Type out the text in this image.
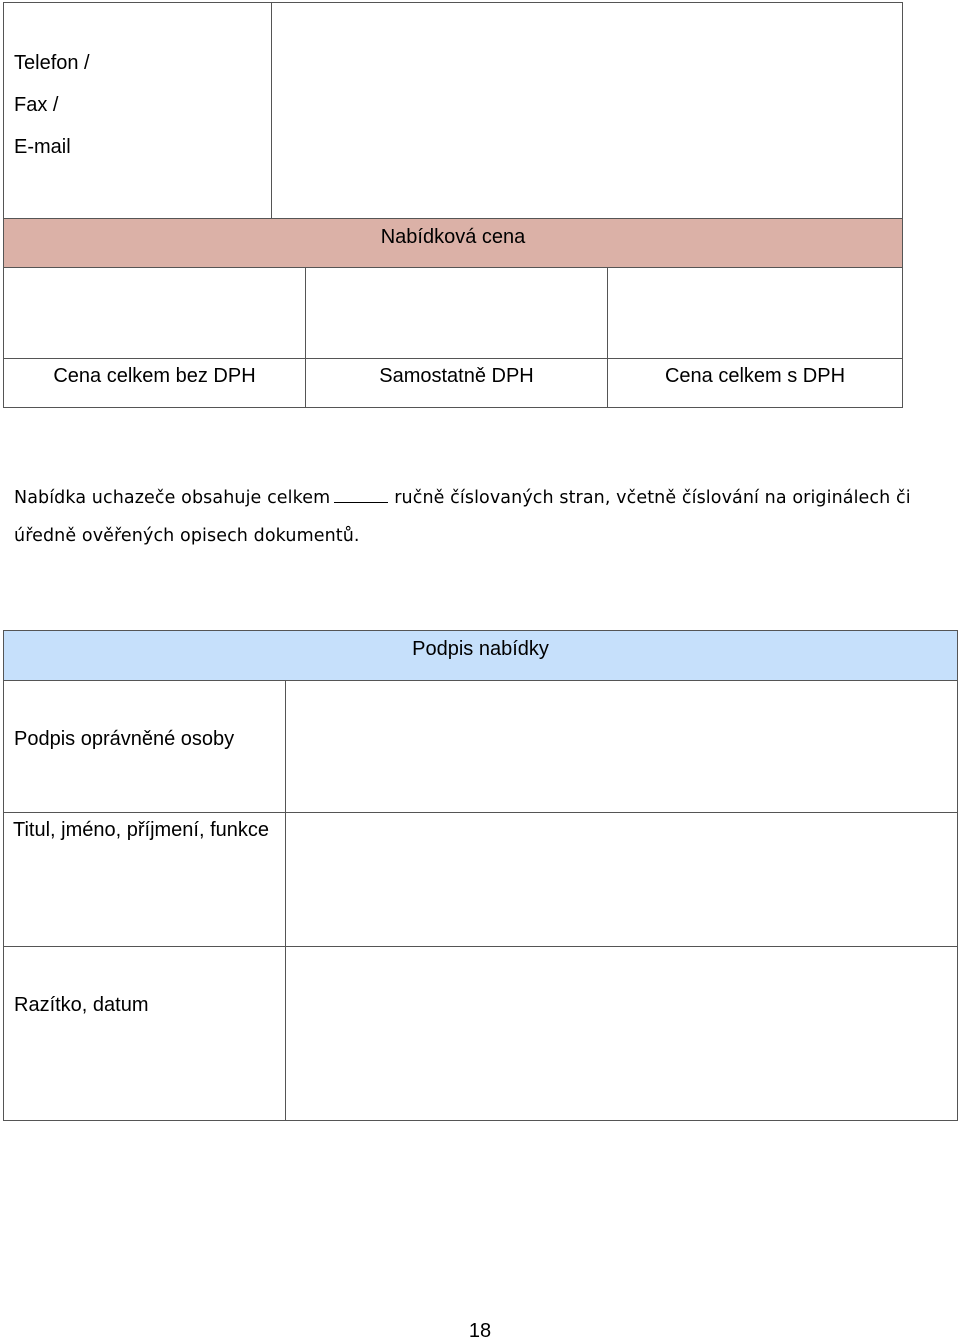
Telefon /
Fax /
E-mail
Nabídková cena
Cena celkem bez DPH	Samostatně DPH	Cena celkem s DPH
Nabídka uchazeče obsahuje celkem	ručně číslovaných stran, včetně číslování na originálech či
úředně ověřených opisech dokumentů.
Podpis nabídky
Podpis oprávněné osoby
Titul, jméno, příjmení, funkce
Razítko, datum
18
